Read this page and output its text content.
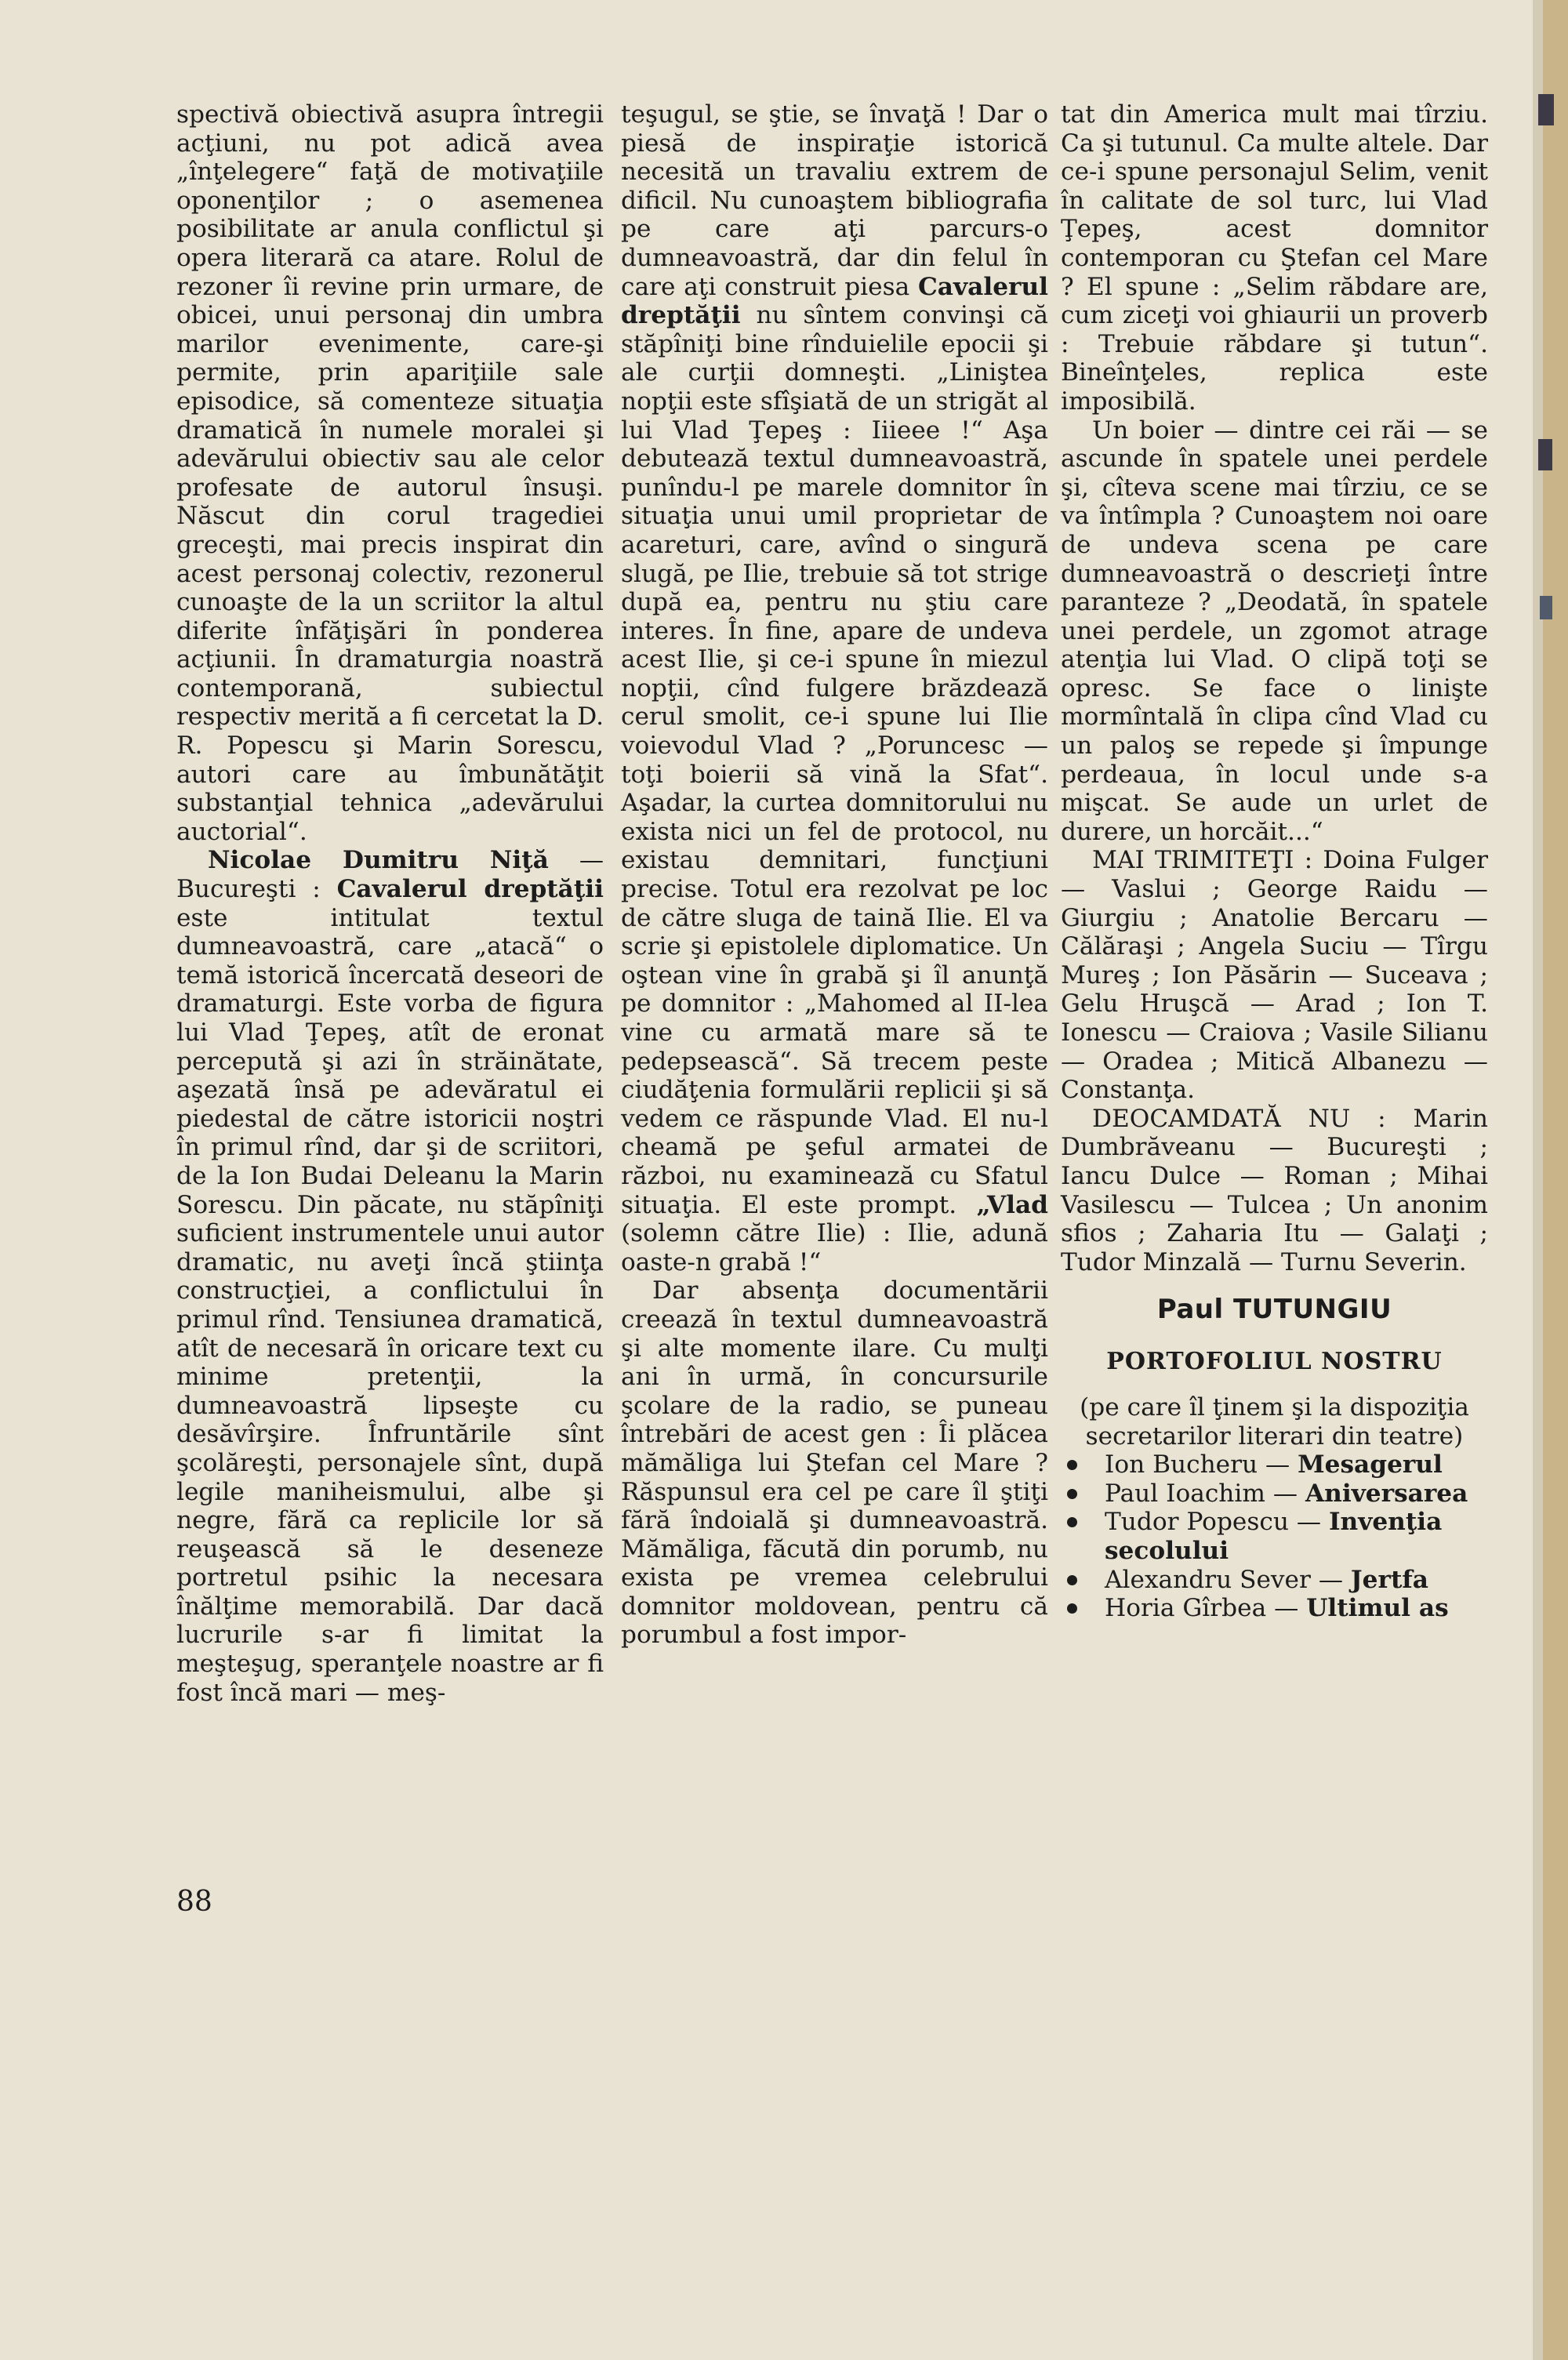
spectivă obiectivă asupra întregii acţiuni, nu pot adică avea „înţelegere“ faţă de motivaţiile oponenţilor ; o asemenea posibilitate ar anula conflictul şi opera literară ca atare. Rolul de rezoner îi revine prin urmare, de obicei, unui personaj din umbra marilor evenimente, care-şi permite, prin apariţiile sale episodice, să comenteze situaţia dramatică în numele moralei şi adevărului obiectiv sau ale celor profesate de autorul însuşi. Născut din corul tragediei greceşti, mai precis inspirat din acest personaj colectiv, rezonerul cunoaşte de la un scriitor la altul diferite înfăţişări în ponderea acţiunii. În dramaturgia noastră contemporană, subiectul respectiv merită a fi cercetat la D. R. Popescu şi Marin Sorescu, autori care au îmbunătăţit substanţial tehnica „adevărului auctorial“.

Nicolae Dumitru Niţă — Bucureşti : Cavalerul dreptăţii este intitulat textul dumneavoastră, care „atacă“ o temă istorică încercată deseori de dramaturgi. Este vorba de figura lui Vlad Ţepeş, atît de eronat perceputǎ şi azi în străinătate, aşezată însă pe adevăratul ei piedestal de către istoricii noştri în primul rînd, dar şi de scriitori, de la Ion Budai Deleanu la Marin Sorescu. Din păcate, nu stăpîniţi suficient instrumentele unui autor dramatic, nu aveţi încă ştiinţa construcţiei, a conflictului în primul rînd. Tensiunea dramatică, atît de necesară în oricare text cu minime pretenţii, la dumneavoastră lipseşte cu desăvîrşire. Înfruntările sînt şcolăreşti, personajele sînt, după legile maniheismului, albe şi negre, fără ca replicile lor să reuşească să le deseneze portretul psihic la necesara înălţime memorabilă. Dar dacă lucrurile s-ar fi limitat la meşteşug, speranţele noastre ar fi fost încă mari — meş-

teşugul, se ştie, se învaţă ! Dar o piesă de inspiraţie istorică necesită un travaliu extrem de dificil. Nu cunoaştem bibliografia pe care aţi parcurs-o dumneavoastră, dar din felul în care aţi construit piesa Cavalerul dreptăţii nu sîntem convinşi că stăpîniţi bine rînduielile epocii şi ale curţii domneşti. „Linişteа nopţii este sfîşiată de un strigăt al lui Vlad Ţepeş : Iiieee !“ Aşa debutează textul dumneavoastră, punîndu-l pe marele domnitor în situaţia unui umil proprietar de acareturi, care, avînd o singură slugă, pe Ilie, trebuie să tot strige după ea, pentru nu ştiu care interes. În fine, apare de undeva acest Ilie, şi ce-i spune în miezul nopţii, cînd fulgere brăzdează cerul smolit, ce-i spune lui Ilie voievodul Vlad ? „Poruncesc — toţi boierii să vină la Sfat“. Aşadar, la curtea domnitorului nu exista nici un fel de protocol, nu existau demnitari, funcţiuni precise. Totul era rezolvat pe loc de către sluga de taină Ilie. El va scrie şi epistolele diplomatice. Un oştean vine în grabă şi îl anunţă pe domnitor : „Mahomed al II-lea vine cu armată mare să te pedepsească“. Să trecem peste ciudăţenia formulării replicii şi să vedem ce răspunde Vlad. El nu-l cheamă pe şeful armatei de război, nu examinează cu Sfatul situaţia. El este prompt. „Vlad (solemn către Ilie) : Ilie, adună oaste-n grabă !“

Dar absenţa documentării creează în textul dumneavoastră şi alte momente ilare. Cu mulţi ani în urmă, în concursurile şcolare de la radio, se puneau întrebări de acest gen : Îi plăcea mămăliga lui Ştefan cel Mare ? Răspunsul era cel pe care îl ştiţi fără îndoială şi dumneavoastră. Mămăliga, făcută din porumb, nu exista pe vremea celebrului domnitor moldovean, pentru că porumbul a fost impor-

tat din America mult mai tîrziu. Ca şi tutunul. Ca multe altele. Dar ce-i spune personajul Selim, venit în calitate de sol turc, lui Vlad Ţepeş, acest domnitor contemporan cu Ştefan cel Mare ? El spune : „Selim răbdare are, cum ziceţi voi ghiaurii un proverb : Trebuie răbdare şi tutun“. Bineînţeles, replica este imposibilă.

Un boier — dintre cei răi — se ascunde în spatele unei perdele şi, cîteva scene mai tîrziu, ce se va întîmpla ? Cunoaştem noi oare de undeva scena pe care dumneavoastră o descrieţi între paranteze ? „Deodată, în spatele unei perdele, un zgomot atrage atenţia lui Vlad. O clipă toţi se opresc. Se face o linişte mormîntală în clipa cînd Vlad cu un paloş se repede şi împunge perdeaua, în locul unde s-a mişcat. Se aude un urlet de durere, un horcăit...“

MAI TRIMITEŢI : Doina Fulger — Vaslui ; George Raidu — Giurgiu ; Anatolie Bercaru — Călăraşi ; Angela Suciu — Tîrgu Mureş ; Ion Păsărin — Suceava ; Gelu Hruşcă — Arad ; Ion T. Ionescu — Craiova ; Vasile Silianu — Oradea ; Mitică Albanezu — Constanţa.

DEOCAMDATĂ NU : Marin Dumbrăveanu — Bucureşti ; Iancu Dulce — Roman ; Mihai Vasilescu — Tulcea ; Un anonim sfios ; Zaharia Itu — Galaţi ; Tudor Minzală — Turnu Severin.

Paul TUTUNGIU
PORTOFOLIUL NOSTRU

(pe care îl ţinem şi la dispoziţia secretarilor literari din teatre)

Ion Bucheru — Mesagerul
Paul Ioachim — Aniversarea
Tudor Popescu — Invenţia secolului
Alexandru Sever — Jertfa
Horia Gîrbea — Ultimul as
88
